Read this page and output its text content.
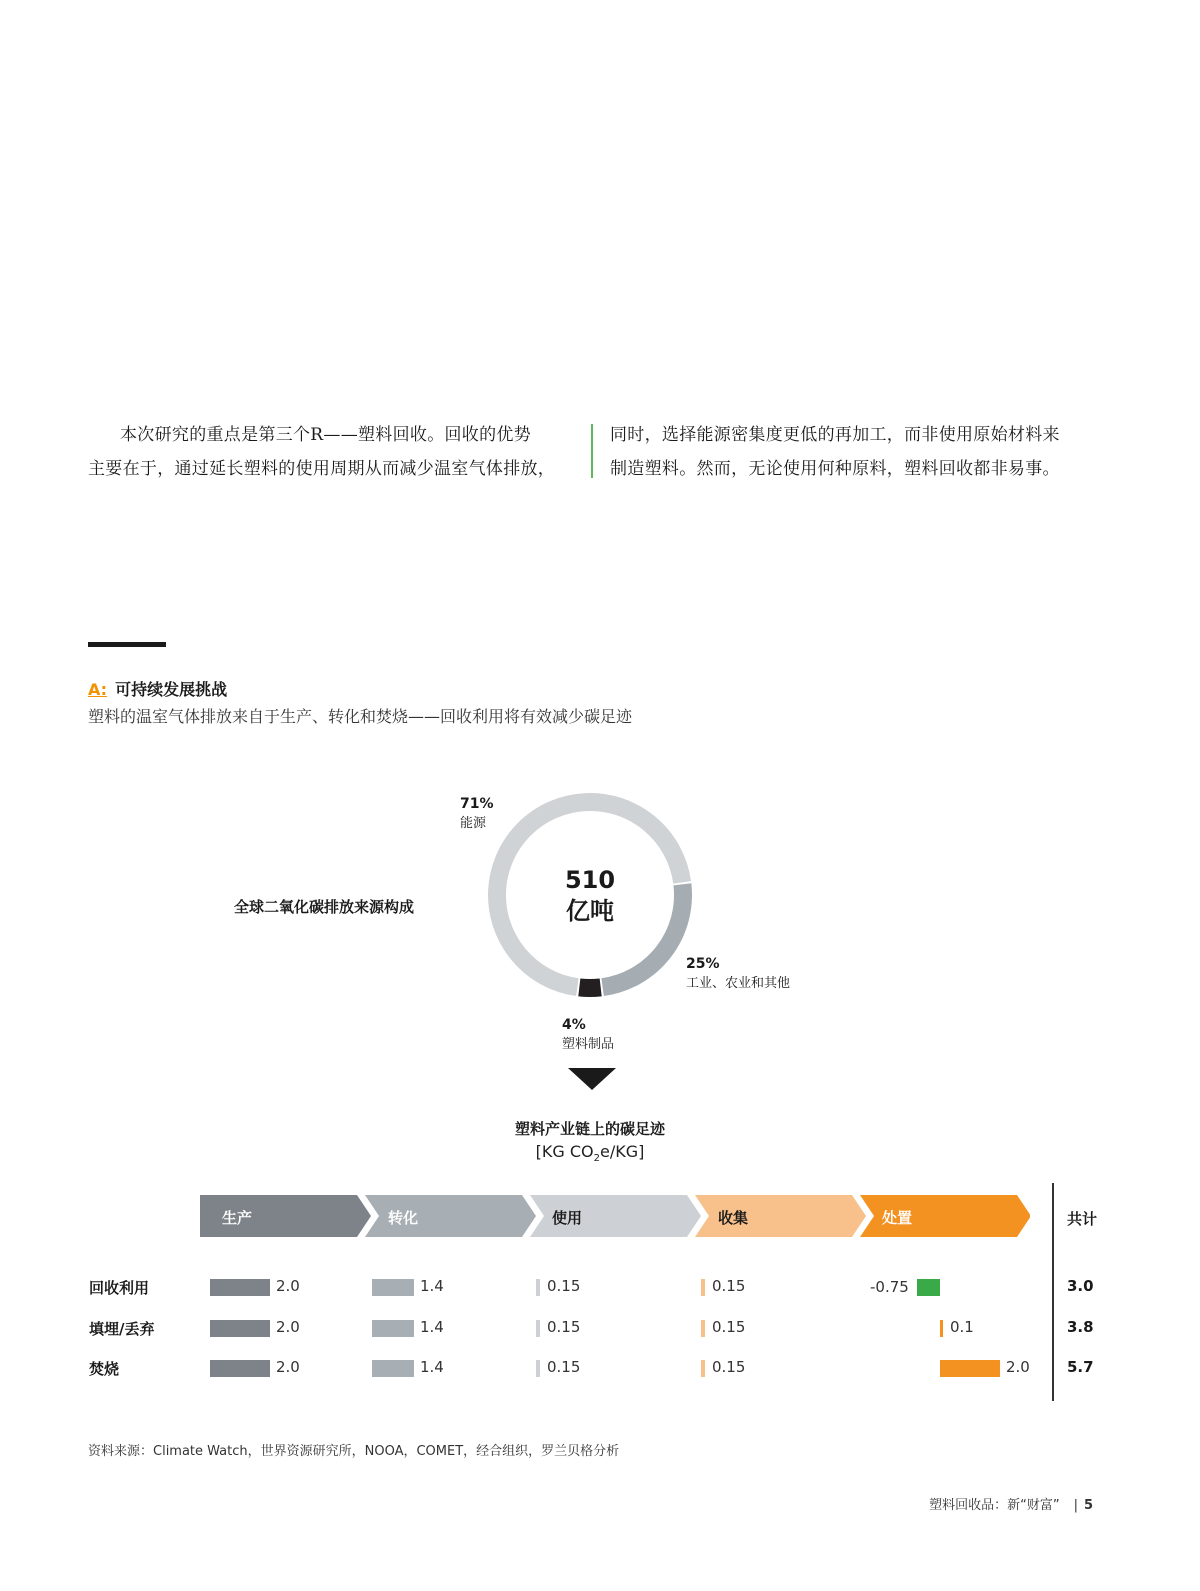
本次研究的重点是第三个R——塑料回收。回收的优势
主要在于，通过延长塑料的使用周期从而减少温室气体排放，
同时，选择能源密集度更低的再加工，而非使用原始材料来
制造塑料。然而，无论使用何种原料，塑料回收都非易事。
A: 可持续发展挑战
塑料的温室气体排放来自于生产、转化和焚烧——回收利用将有效减少碳足迹
全球二氧化碳排放来源构成
510
亿吨
71%
能源
25%
工业、农业和其他
4%
塑料制品
塑料产业链上的碳足迹
[KG $CO_2e/KG$]
生产	转化	使用	收集	处置	共计
回收利用	2.0	1.4	0.15	0.15	-0.75	3.0
填埋/丢弃	2.0	1.4	0.15	0.15	0.1	3.8
焚烧	2.0	1.4	0.15	0.15	2.0 5.7
资料来源：Climate Watch，世界资源研究所，NOOA，COMET，经合组织，罗兰贝格分析
塑料回收品：新“财富” | 5
